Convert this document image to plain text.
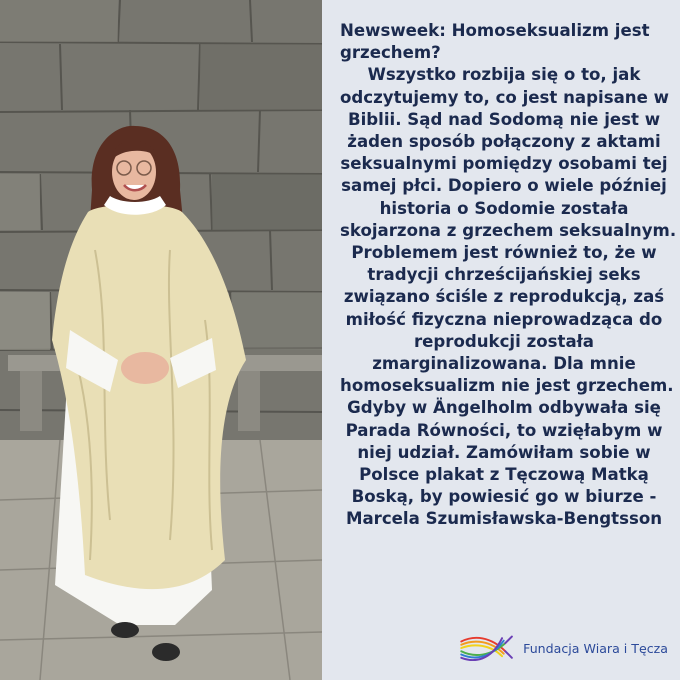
Newsweek: Homoseksualizm jest grzechem?

Wszystko rozbija się o to, jak
odczytujemy to, co jest napisane w
Biblii. Sąd nad Sodomą nie jest w
żaden sposób połączony z aktami
seksualnymi pomiędzy osobami tej
samej płci. Dopiero o wiele później
historia o Sodomie została
skojarzona z grzechem seksualnym.
Problemem jest również to, że w
tradycji chrześcijańskiej seks
związano ściśle z reprodukcją, zaś
miłość fizyczna nieprowadząca do
reprodukcji została
zmarginalizowana. Dla mnie
homoseksualizm nie jest grzechem.
Gdyby w Ängelholm odbywała się
Parada Równości, to wzięłabym w
niej udział. Zamówiłam sobie w
Polsce plakat z Tęczową Matką
Boską, by powiesić go w biurze -
Marcela Szumisławska-Bengtsson
Fundacja Wiara i Tęcza
